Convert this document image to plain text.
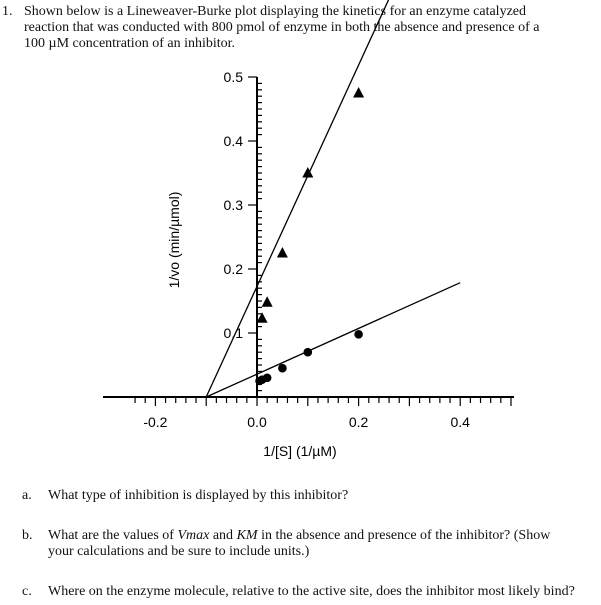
1. Shown below is a Lineweaver-Burke plot displaying the kinetics for an enzyme catalyzed
reaction that was conducted with 800 pmol of enzyme in both the absence and presence of a
100 µM concentration of an inhibitor.
-0.2	0.0	0.2	0.4
0.1
0.2
0.3
0.4
0.5
1/[S] (1/µM)
1/vo (min/µmol)
a. What type of inhibition is displayed by this inhibitor?
b. What are the values of Vmax and KM in the absence and presence of the inhibitor? (Show
your calculations and be sure to include units.)
c. Where on the enzyme molecule, relative to the active site, does the inhibitor most likely bind?
